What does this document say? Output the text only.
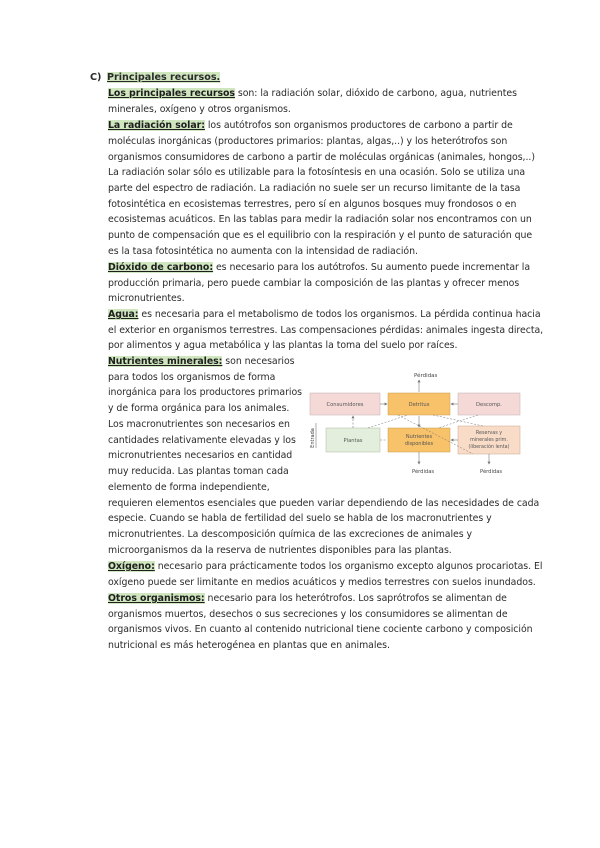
C) Principales recursos.
Los principales recursos son: la radiación solar, dióxido de carbono, agua, nutrientes
minerales, oxígeno y otros organismos.
La radiación solar: los autótrofos son organismos productores de carbono a partir de
moléculas inorgánicas (productores primarios: plantas, algas,..) y los heterótrofos son
organismos consumidores de carbono a partir de moléculas orgánicas (animales, hongos,..)
La radiación solar sólo es utilizable para la fotosíntesis en una ocasión. Solo se utiliza una
parte del espectro de radiación. La radiación no suele ser un recurso limitante de la tasa
fotosintética en ecosistemas terrestres, pero sí en algunos bosques muy frondosos o en
ecosistemas acuáticos. En las tablas para medir la radiación solar nos encontramos con un
punto de compensación que es el equilibrio con la respiración y el punto de saturación que
es la tasa fotosintética no aumenta con la intensidad de radiación.
Dióxido de carbono: es necesario para los autótrofos. Su aumento puede incrementar la
producción primaria, pero puede cambiar la composición de las plantas y ofrecer menos
micronutrientes.
Agua: es necesaria para el metabolismo de todos los organismos. La pérdida continua hacia
el exterior en organismos terrestres. Las compensaciones pérdidas: animales ingesta directa,
por alimentos y agua metabólica y las plantas la toma del suelo por raíces.
Nutrientes minerales: son necesarios
para todos los organismos de forma
inorgánica para los productores primarios
y de forma orgánica para los animales.
Los macronutrientes son necesarios en
cantidades relativamente elevadas y los
micronutrientes necesarios en cantidad
muy reducida. Las plantas toman cada
elemento de forma independiente,
requieren elementos esenciales que pueden variar dependiendo de las necesidades de cada
especie. Cuando se habla de fertilidad del suelo se habla de los macronutrientes y
micronutrientes. La descomposición química de las excreciones de animales y
microorganismos da la reserva de nutrientes disponibles para las plantas.
Oxígeno: necesario para prácticamente todos los organismo excepto algunos procariotas. El
oxígeno puede ser limitante en medios acuáticos y medios terrestres con suelos inundados.
Otros organismos: necesario para los heterótrofos. Los saprótrofos se alimentan de
organismos muertos, desechos o sus secreciones y los consumidores se alimentan de
organismos vivos. En cuanto al contenido nutricional tiene cociente carbono y composición
nutricional es más heterogénea en plantas que en animales.
Pérdidas
Consumidores	Detritus	Descomp.
Entrada	Plantas
Nutrientes
disponibles
Reservas y
minerales prim.
(liberación lenta)
Pérdidas	Pérdidas
